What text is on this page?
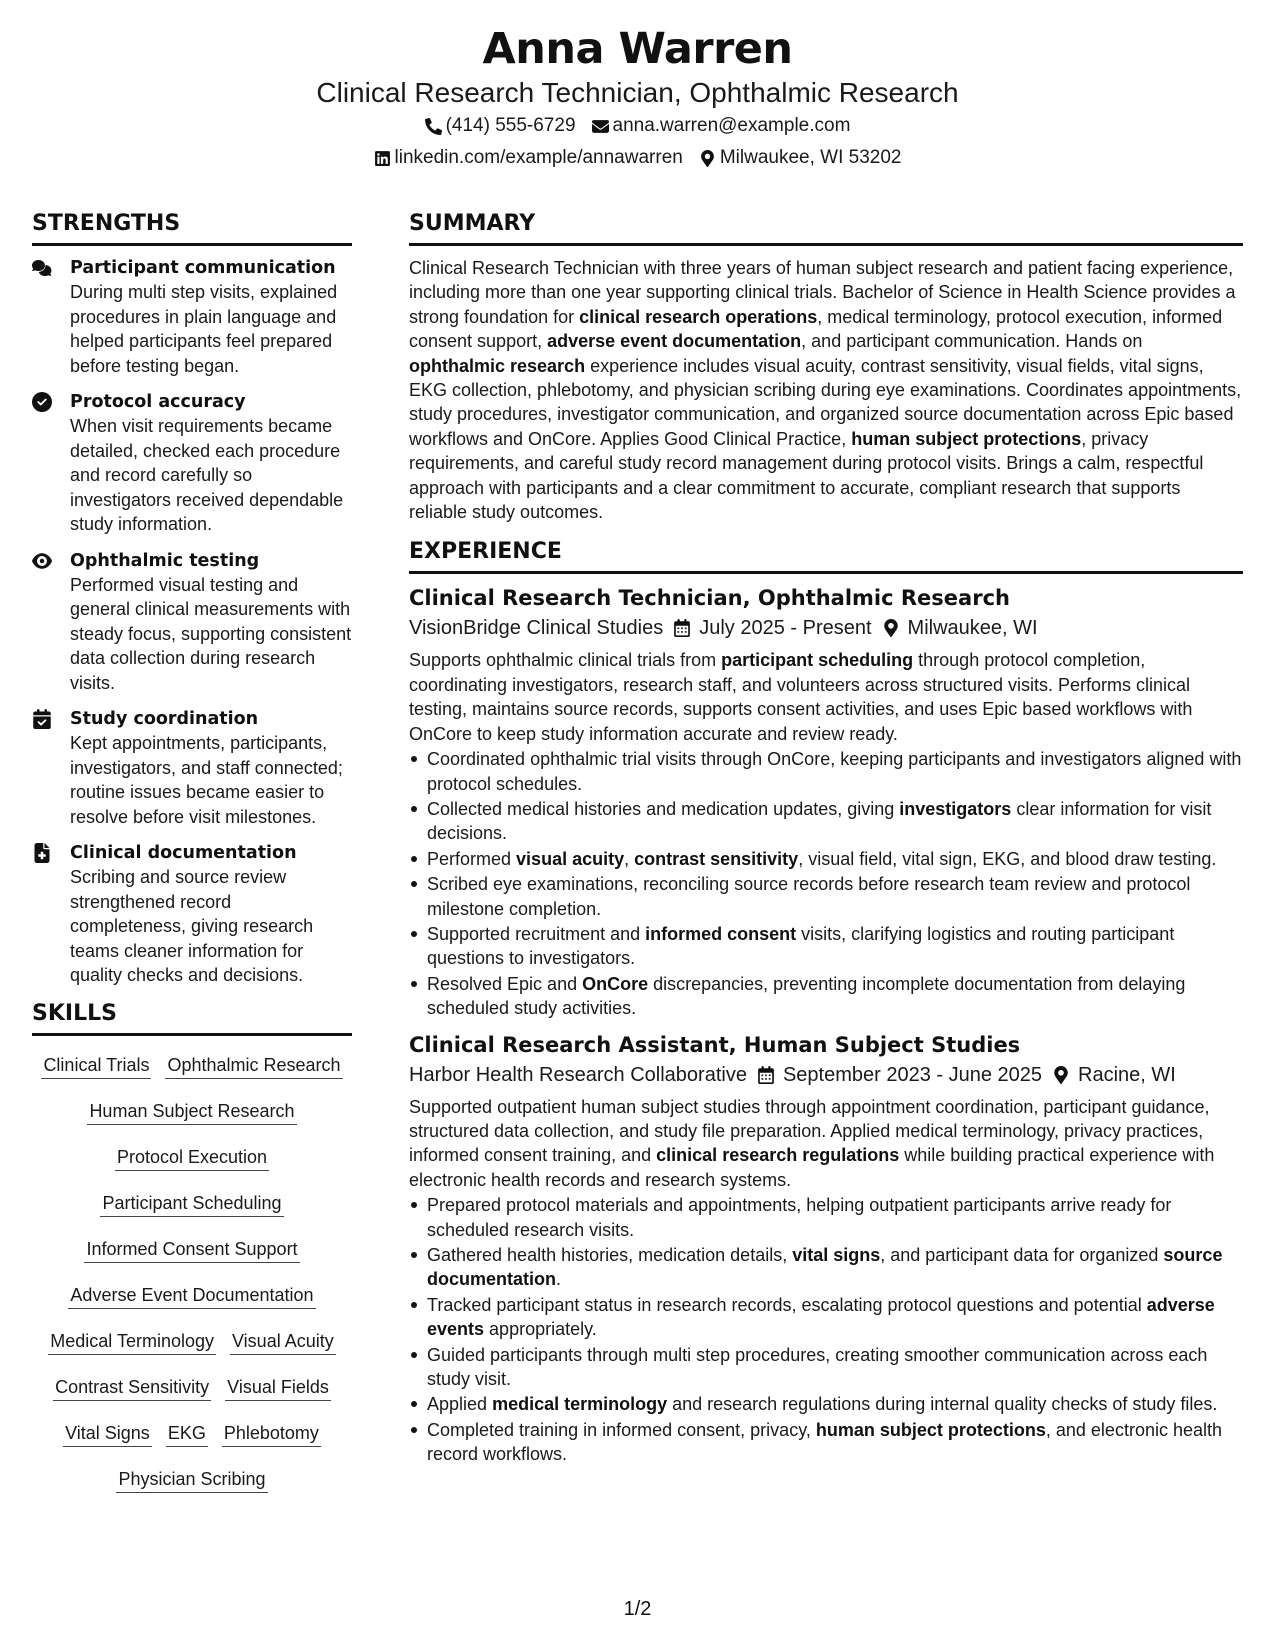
Anna Warren
Clinical Research Technician, Ophthalmic Research
(414) 555-6729 anna.warren@example.com
linkedin.com/example/annawarren Milwaukee, WI 53202
STRENGTHS
Participant communication
During multi step visits, explained procedures in plain language and helped participants feel prepared before testing began.
Protocol accuracy
When visit requirements became detailed, checked each procedure and record carefully so investigators received dependable study information.
Ophthalmic testing
Performed visual testing and general clinical measurements with steady focus, supporting consistent data collection during research visits.
Study coordination
Kept appointments, participants, investigators, and staff connected; routine issues became easier to resolve before visit milestones.
Clinical documentation
Scribing and source review strengthened record completeness, giving research teams cleaner information for quality checks and decisions.
SKILLS
Clinical Trials Ophthalmic Research
Human Subject Research
Protocol Execution
Participant Scheduling
Informed Consent Support
Adverse Event Documentation
Medical Terminology Visual Acuity
Contrast Sensitivity Visual Fields
Vital Signs EKG Phlebotomy
Physician Scribing
SUMMARY
Clinical Research Technician with three years of human subject research and patient facing experience, including more than one year supporting clinical trials. Bachelor of Science in Health Science provides a strong foundation for clinical research operations, medical terminology, protocol execution, informed consent support, adverse event documentation, and participant communication. Hands on ophthalmic research experience includes visual acuity, contrast sensitivity, visual fields, vital signs, EKG collection, phlebotomy, and physician scribing during eye examinations. Coordinates appointments, study procedures, investigator communication, and organized source documentation across Epic based workflows and OnCore. Applies Good Clinical Practice, human subject protections, privacy requirements, and careful study record management during protocol visits. Brings a calm, respectful approach with participants and a clear commitment to accurate, compliant research that supports reliable study outcomes.
EXPERIENCE
Clinical Research Technician, Ophthalmic Research
VisionBridge Clinical Studies July 2025 - Present Milwaukee, WI
Supports ophthalmic clinical trials from participant scheduling through protocol completion, coordinating investigators, research staff, and volunteers across structured visits. Performs clinical testing, maintains source records, supports consent activities, and uses Epic based workflows with OnCore to keep study information accurate and review ready.
Coordinated ophthalmic trial visits through OnCore, keeping participants and investigators aligned with protocol schedules.
Collected medical histories and medication updates, giving investigators clear information for visit decisions.
Performed visual acuity, contrast sensitivity, visual field, vital sign, EKG, and blood draw testing.
Scribed eye examinations, reconciling source records before research team review and protocol milestone completion.
Supported recruitment and informed consent visits, clarifying logistics and routing participant questions to investigators.
Resolved Epic and OnCore discrepancies, preventing incomplete documentation from delaying scheduled study activities.
Clinical Research Assistant, Human Subject Studies
Harbor Health Research Collaborative September 2023 - June 2025 Racine, WI
Supported outpatient human subject studies through appointment coordination, participant guidance, structured data collection, and study file preparation. Applied medical terminology, privacy practices, informed consent training, and clinical research regulations while building practical experience with electronic health records and research systems.
Prepared protocol materials and appointments, helping outpatient participants arrive ready for scheduled research visits.
Gathered health histories, medication details, vital signs, and participant data for organized source documentation.
Tracked participant status in research records, escalating protocol questions and potential adverse events appropriately.
Guided participants through multi step procedures, creating smoother communication across each study visit.
Applied medical terminology and research regulations during internal quality checks of study files.
Completed training in informed consent, privacy, human subject protections, and electronic health record workflows.
1/2
